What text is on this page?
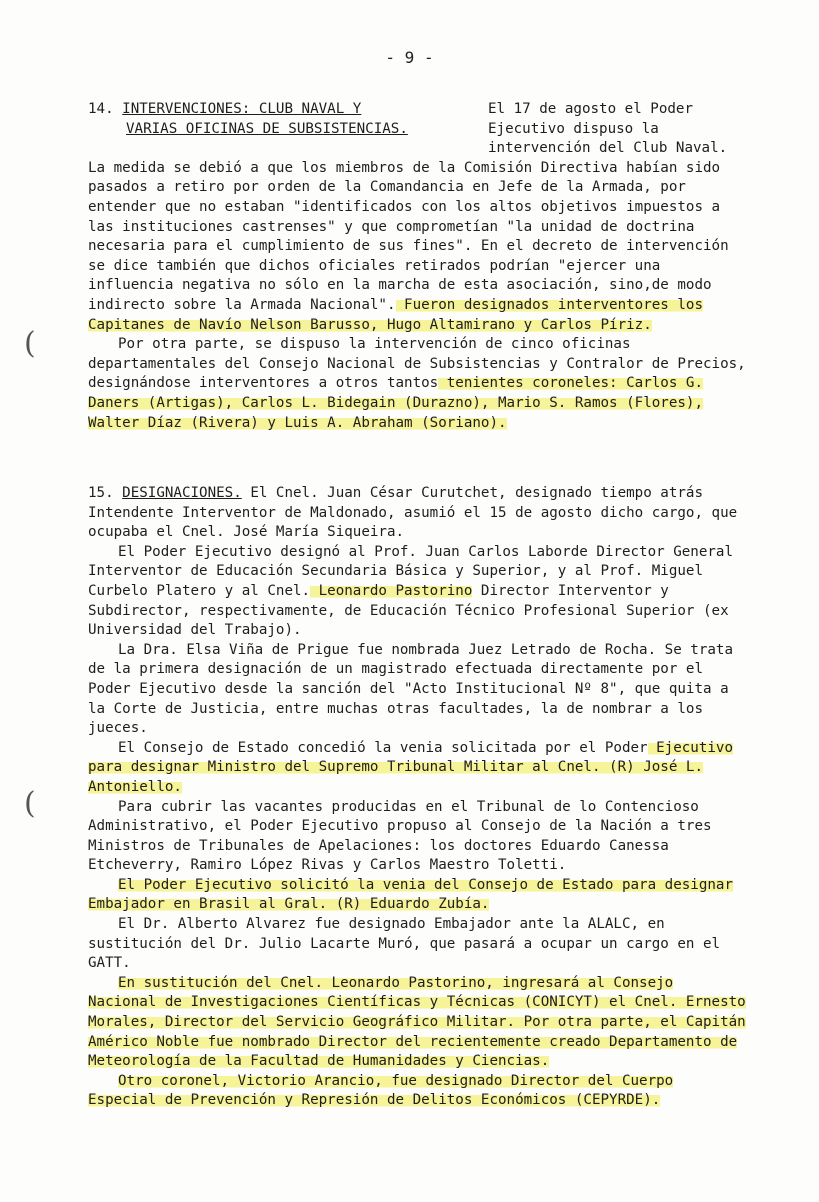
- 9 -
(
(
14. INTERVENCIONES: CLUB NAVAL Y
VARIAS OFICINAS DE SUBSISTENCIAS.
El 17 de agosto el Poder Ejecutivo dispuso la intervención del Club Naval.

La medida se debió a que los miembros de la Comisión Directiva habían sido pasados a retiro por orden de la Comandancia en Jefe de la Armada, por entender que no estaban "identificados con los altos objetivos impuestos a las instituciones castrenses" y que comprometían "la unidad de doctrina necesaria para el cumplimiento de sus fines". En el decreto de intervención se dice también que dichos oficiales retirados podrían "ejercer una influencia negativa no sólo en la marcha de esta asociación, sino,de modo indirecto sobre la Armada Nacional". Fueron designados interventores los Capitanes de Navío Nelson Barusso, Hugo Altamirano y Carlos Píriz.

Por otra parte, se dispuso la intervención de cinco oficinas departamentales del Consejo Nacional de Subsistencias y Contralor de Precios, designándose interventores a otros tantos tenientes coroneles: Carlos G. Daners (Artigas), Carlos L. Bidegain (Durazno), Mario S. Ramos (Flores), Walter Díaz (Rivera) y Luis A. Abraham (Soriano).

15. DESIGNACIONES. El Cnel. Juan César Curutchet, designado tiempo atrás Intendente Interventor de Maldonado, asumió el 15 de agosto dicho cargo, que ocupaba el Cnel. José María Siqueira.

El Poder Ejecutivo designó al Prof. Juan Carlos Laborde Director General Interventor de Educación Secundaria Básica y Superior, y al Prof. Miguel Curbelo Platero y al Cnel. Leonardo Pastorino Director Interventor y Subdirector, respectivamente, de Educación Técnico Profesional Superior (ex Universidad del Trabajo).

La Dra. Elsa Viña de Prigue fue nombrada Juez Letrado de Rocha. Se trata de la primera designación de un magistrado efectuada directamente por el Poder Ejecutivo desde la sanción del "Acto Institucional Nº 8", que quita a la Corte de Justicia, entre muchas otras facultades, la de nombrar a los jueces.

El Consejo de Estado concedió la venia solicitada por el Poder Ejecutivo para designar Ministro del Supremo Tribunal Militar al Cnel. (R) José L. Antoniello.

Para cubrir las vacantes producidas en el Tribunal de lo Contencioso Administrativo, el Poder Ejecutivo propuso al Consejo de la Nación a tres Ministros de Tribunales de Apelaciones: los doctores Eduardo Canessa Etcheverry, Ramiro López Rivas y Carlos Maestro Toletti.

El Poder Ejecutivo solicitó la venia del Consejo de Estado para designar Embajador en Brasil al Gral. (R) Eduardo Zubía.

El Dr. Alberto Alvarez fue designado Embajador ante la ALALC, en sustitución del Dr. Julio Lacarte Muró, que pasará a ocupar un cargo en el GATT.

En sustitución del Cnel. Leonardo Pastorino, ingresará al Consejo Nacional de Investigaciones Científicas y Técnicas (CONICYT) el Cnel. Ernesto Morales, Director del Servicio Geográfico Militar. Por otra parte, el Capitán Américo Noble fue nombrado Director del recientemente creado Departamento de Meteorología de la Facultad de Humanidades y Ciencias.

Otro coronel, Victorio Arancio, fue designado Director del Cuerpo Especial de Prevención y Represión de Delitos Económicos (CEPYRDE).
